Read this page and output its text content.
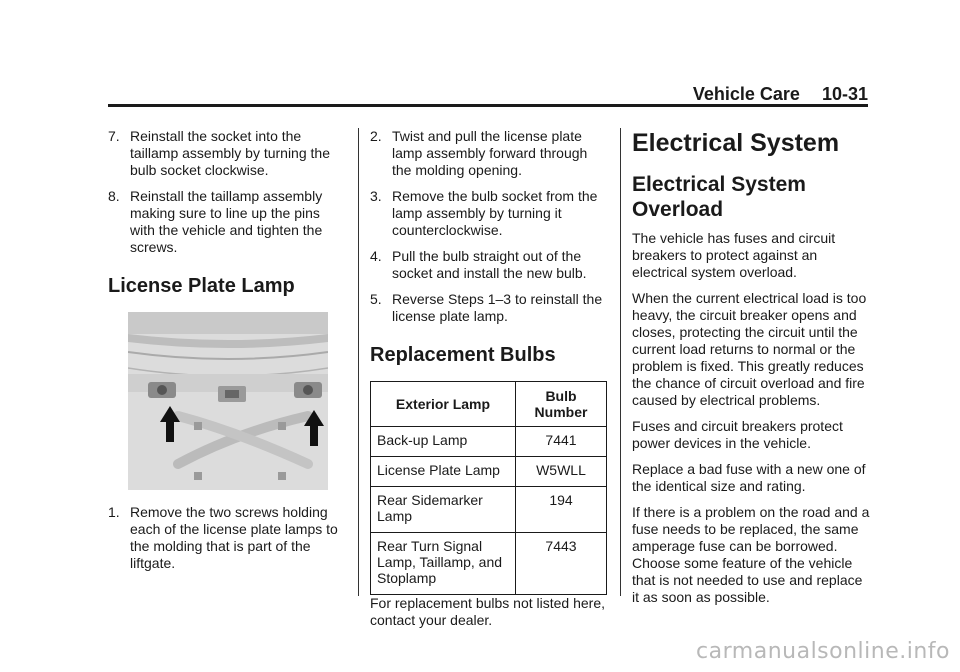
Vehicle Care 10-31
7. Reinstall the socket into the taillamp assembly by turning the bulb socket clockwise.
8. Reinstall the taillamp assembly making sure to line up the pins with the vehicle and tighten the screws.
License Plate Lamp
1. Remove the two screws holding each of the license plate lamps to the molding that is part of the liftgate.
2. Twist and pull the license plate lamp assembly forward through the molding opening.
3. Remove the bulb socket from the lamp assembly by turning it counterclockwise.
4. Pull the bulb straight out of the socket and install the new bulb.
5. Reverse Steps 1–3 to reinstall the license plate lamp.
Replacement Bulbs
Exterior Lamp	Bulb Number
Back-up Lamp	7441
License Plate Lamp	W5WLL
Rear Sidemarker Lamp	194
Rear Turn Signal Lamp, Taillamp, and Stoplamp	7443

For replacement bulbs not listed here, contact your dealer.

Electrical System
Electrical System Overload

The vehicle has fuses and circuit breakers to protect against an electrical system overload.

When the current electrical load is too heavy, the circuit breaker opens and closes, protecting the circuit until the current load returns to normal or the problem is fixed. This greatly reduces the chance of circuit overload and fire caused by electrical problems.

Fuses and circuit breakers protect power devices in the vehicle.

Replace a bad fuse with a new one of the identical size and rating.

If there is a problem on the road and a fuse needs to be replaced, the same amperage fuse can be borrowed. Choose some feature of the vehicle that is not needed to use and replace it as soon as possible.

carmanualsonline.info
